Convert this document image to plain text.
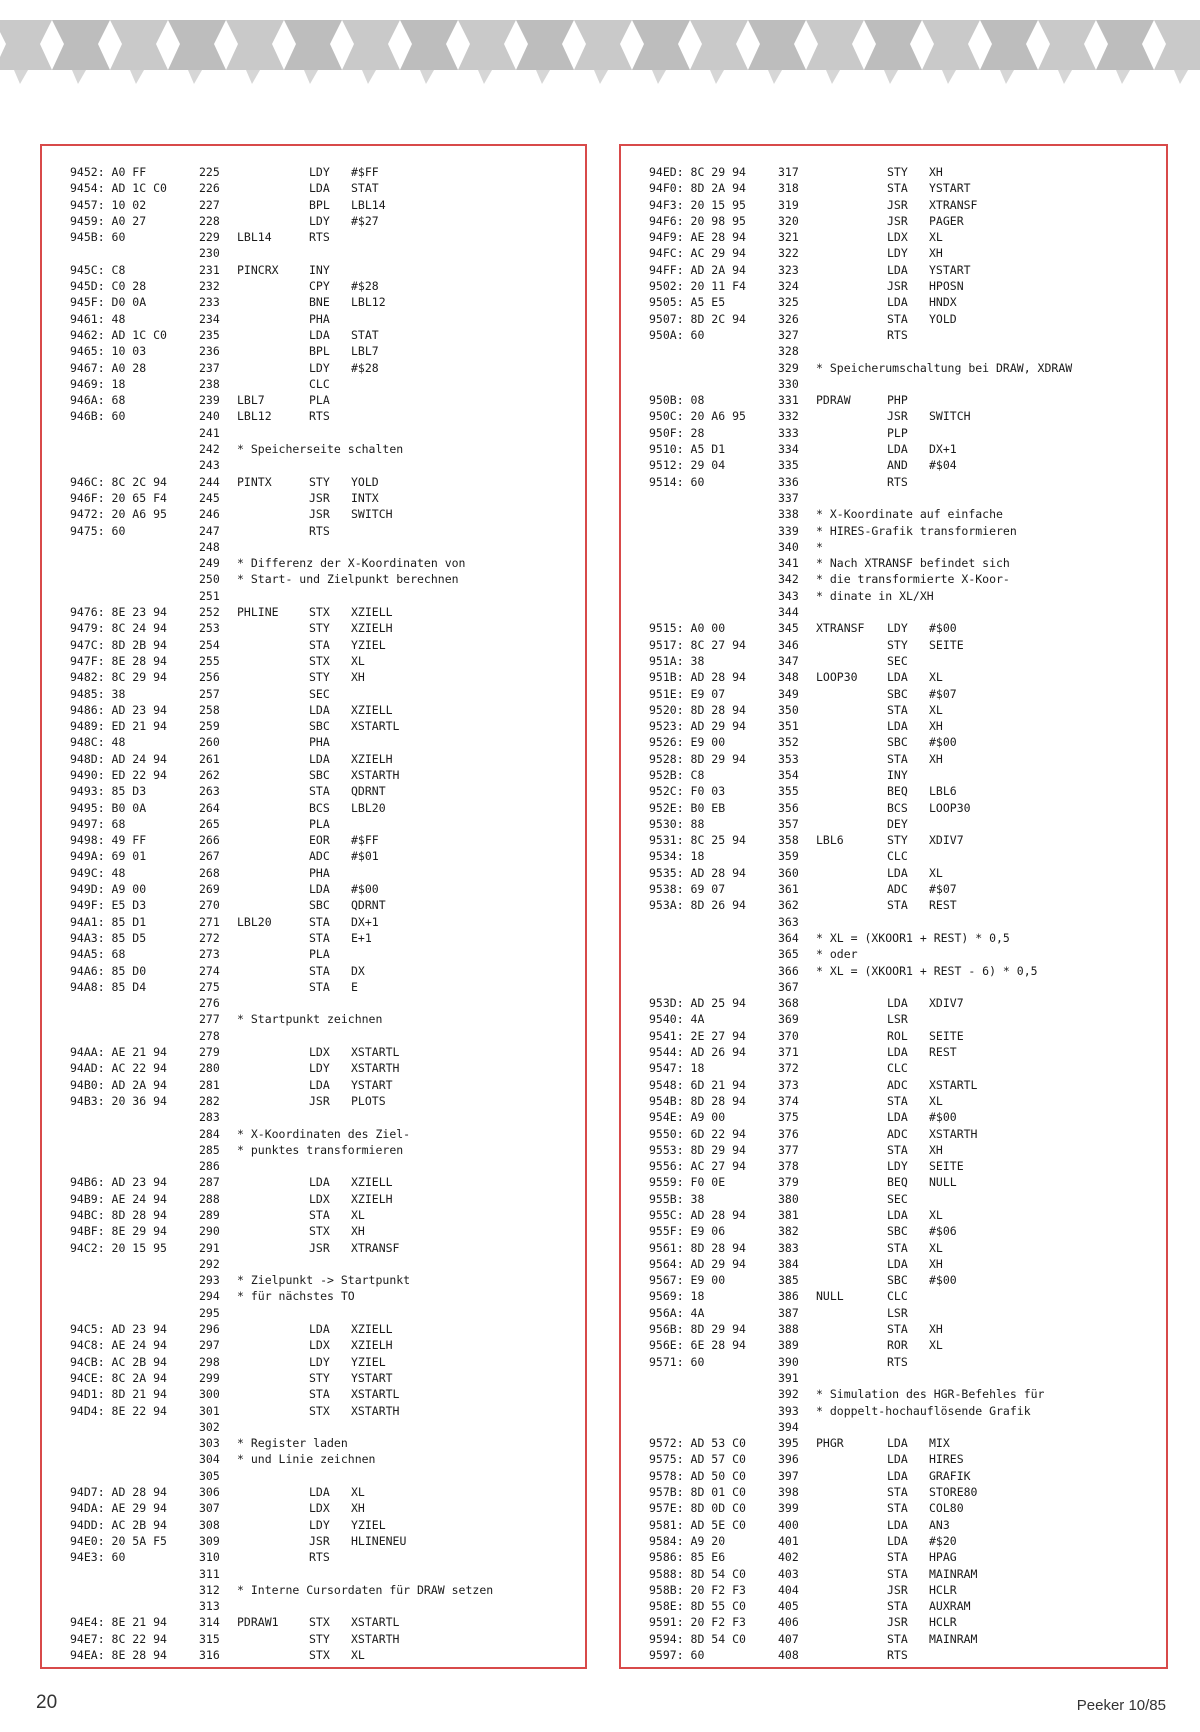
9452: A0 FF	225	LDY #$FF
9454: AD 1C C0	226	LDA STAT
9457: 10 02	227	BPL LBL14
9459: A0 27	228	LDY #$27
945B: 60	229 LBL14	RTS
230
945C: C8	231 PINCRX	INY
945D: C0 28	232	CPY #$28
945F: D0 0A	233	BNE LBL12
9461: 48	234	PHA
9462: AD 1C C0	235	LDA STAT
9465: 10 03	236	BPL LBL7
9467: A0 28	237	LDY #$28
9469: 18	238	CLC
946A: 68	239 LBL7	PLA
946B: 60	240 LBL12	RTS
241
242 * Speicherseite schalten
243
946C: 8C 2C 94	244 PINTX	STY YOLD
946F: 20 65 F4	245	JSR INTX
9472: 20 A6 95	246	JSR SWITCH
9475: 60	247	RTS
248
249 * Differenz der X-Koordinaten von
250 * Start- und Zielpunkt berechnen
251
9476: 8E 23 94	252 PHLINE	STX XZIELL
9479: 8C 24 94	253	STY XZIELH
947C: 8D 2B 94	254	STA YZIEL
947F: 8E 28 94	255	STX XL
9482: 8C 29 94	256	STY XH
9485: 38	257	SEC
9486: AD 23 94	258	LDA XZIELL
9489: ED 21 94	259	SBC XSTARTL
948C: 48	260	PHA
948D: AD 24 94	261	LDA XZIELH
9490: ED 22 94	262	SBC XSTARTH
9493: 85 D3	263	STA QDRNT
9495: B0 0A	264	BCS LBL20
9497: 68	265	PLA
9498: 49 FF	266	EOR #$FF
949A: 69 01	267	ADC #$01
949C: 48	268	PHA
949D: A9 00	269	LDA #$00
949F: E5 D3	270	SBC QDRNT
94A1: 85 D1	271 LBL20	STA DX+1
94A3: 85 D5	272	STA E+1
94A5: 68	273	PLA
94A6: 85 D0	274	STA DX
94A8: 85 D4	275	STA E
276
277 * Startpunkt zeichnen
278
94AA: AE 21 94	279	LDX XSTARTL
94AD: AC 22 94	280	LDY XSTARTH
94B0: AD 2A 94	281	LDA YSTART
94B3: 20 36 94	282	JSR PLOTS
283
284 * X-Koordinaten des Ziel-
285 * punktes transformieren
286
94B6: AD 23 94	287	LDA XZIELL
94B9: AE 24 94	288	LDX XZIELH
94BC: 8D 28 94	289	STA XL
94BF: 8E 29 94	290	STX XH
94C2: 20 15 95	291	JSR XTRANSF
292
293 * Zielpunkt -> Startpunkt
294 * für nächstes TO
295
94C5: AD 23 94	296	LDA XZIELL
94C8: AE 24 94	297	LDX XZIELH
94CB: AC 2B 94	298	LDY YZIEL
94CE: 8C 2A 94	299	STY YSTART
94D1: 8D 21 94	300	STA XSTARTL
94D4: 8E 22 94	301	STX XSTARTH
302
303 * Register laden
304 * und Linie zeichnen
305
94D7: AD 28 94	306	LDA XL
94DA: AE 29 94	307	LDX XH
94DD: AC 2B 94	308	LDY YZIEL
94E0: 20 5A F5	309	JSR HLINENEU
94E3: 60	310	RTS
311
312 * Interne Cursordaten für DRAW setzen
313
94E4: 8E 21 94	314 PDRAW1	STX XSTARTL
94E7: 8C 22 94	315	STY XSTARTH
94EA: 8E 28 94	316	STX XL
94ED: 8C 29 94	317	STY XH
94F0: 8D 2A 94	318	STA YSTART
94F3: 20 15 95	319	JSR XTRANSF
94F6: 20 98 95	320	JSR PAGER
94F9: AE 28 94	321	LDX XL
94FC: AC 29 94	322	LDY XH
94FF: AD 2A 94	323	LDA YSTART
9502: 20 11 F4	324	JSR HPOSN
9505: A5 E5	325	LDA HNDX
9507: 8D 2C 94	326	STA YOLD
950A: 60	327	RTS
328
329 * Speicherumschaltung bei DRAW, XDRAW
330
950B: 08	331 PDRAW	PHP
950C: 20 A6 95	332	JSR SWITCH
950F: 28	333	PLP
9510: A5 D1	334	LDA DX+1
9512: 29 04	335	AND #$04
9514: 60	336	RTS
337
338 * X-Koordinate auf einfache
339 * HIRES-Grafik transformieren
340 *
341 * Nach XTRANSF befindet sich
342 * die transformierte X-Koor-
343 * dinate in XL/XH
344
9515: A0 00	345 XTRANSF LDY #$00
9517: 8C 27 94	346	STY SEITE
951A: 38	347	SEC
951B: AD 28 94	348 LOOP30	LDA XL
951E: E9 07	349	SBC #$07
9520: 8D 28 94	350	STA XL
9523: AD 29 94	351	LDA XH
9526: E9 00	352	SBC #$00
9528: 8D 29 94	353	STA XH
952B: C8	354	INY
952C: F0 03	355	BEQ LBL6
952E: B0 EB	356	BCS LOOP30
9530: 88	357	DEY
9531: 8C 25 94	358 LBL6	STY XDIV7
9534: 18	359	CLC
9535: AD 28 94	360	LDA XL
9538: 69 07	361	ADC #$07
953A: 8D 26 94	362	STA REST
363
364 * XL = (XKOOR1 + REST) * 0,5
365 * oder
366 * XL = (XKOOR1 + REST - 6) * 0,5
367
953D: AD 25 94	368	LDA XDIV7
9540: 4A	369	LSR
9541: 2E 27 94	370	ROL SEITE
9544: AD 26 94	371	LDA REST
9547: 18	372	CLC
9548: 6D 21 94	373	ADC XSTARTL
954B: 8D 28 94	374	STA XL
954E: A9 00	375	LDA #$00
9550: 6D 22 94	376	ADC XSTARTH
9553: 8D 29 94	377	STA XH
9556: AC 27 94	378	LDY SEITE
9559: F0 0E	379	BEQ NULL
955B: 38	380	SEC
955C: AD 28 94	381	LDA XL
955F: E9 06	382	SBC #$06
9561: 8D 28 94	383	STA XL
9564: AD 29 94	384	LDA XH
9567: E9 00	385	SBC #$00
9569: 18	386 NULL	CLC
956A: 4A	387	LSR
956B: 8D 29 94	388	STA XH
956E: 6E 28 94	389	ROR XL
9571: 60	390	RTS
391
392 * Simulation des HGR-Befehles für
393 * doppelt-hochauflösende Grafik
394
9572: AD 53 C0	395 PHGR	LDA MIX
9575: AD 57 C0	396	LDA HIRES
9578: AD 50 C0	397	LDA GRAFIK
957B: 8D 01 C0	398	STA STORE80
957E: 8D 0D C0	399	STA COL80
9581: AD 5E C0	400	LDA AN3
9584: A9 20	401	LDA #$20
9586: 85 E6	402	STA HPAG
9588: 8D 54 C0	403	STA MAINRAM
958B: 20 F2 F3	404	JSR HCLR
958E: 8D 55 C0	405	STA AUXRAM
9591: 20 F2 F3	406	JSR HCLR
9594: 8D 54 C0	407	STA MAINRAM
9597: 60	408	RTS
20	Peeker 10/85
